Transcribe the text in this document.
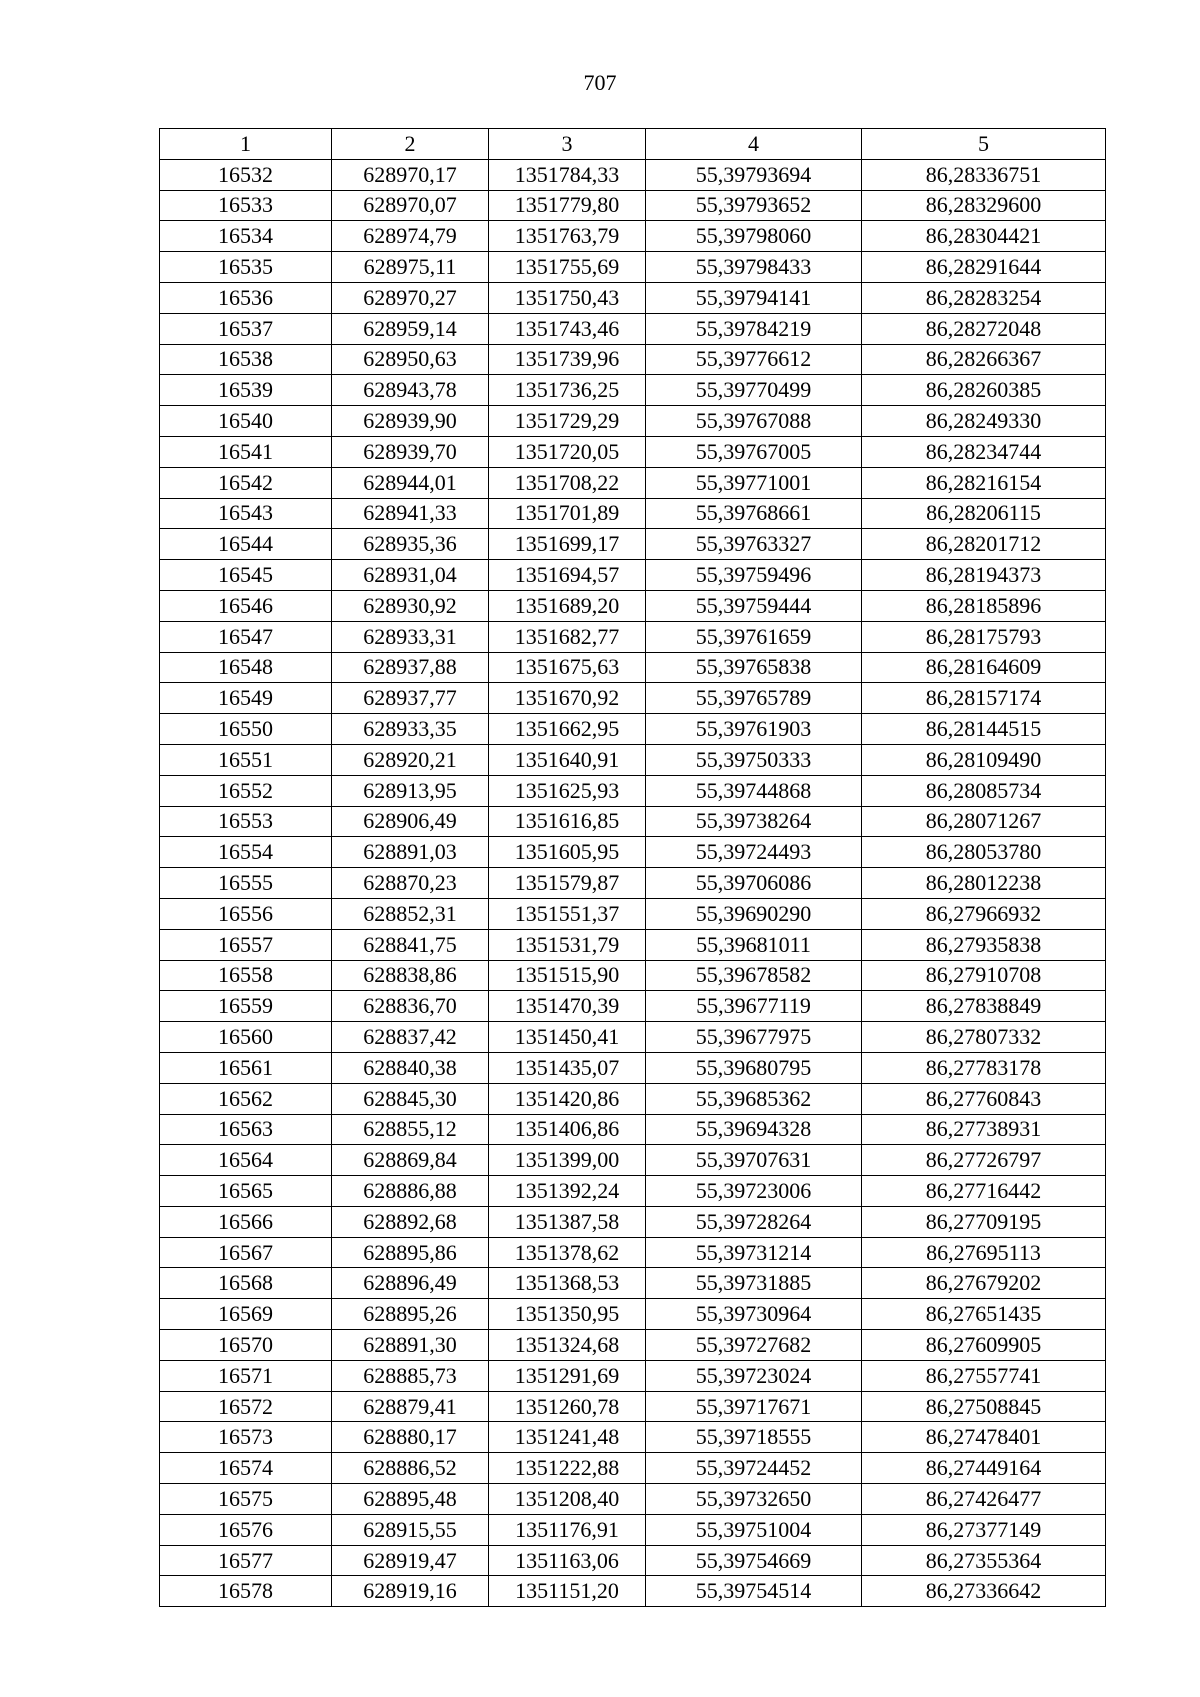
707
1	2	3	4	5
16532	628970,17	1351784,33	55,39793694	86,28336751
16533	628970,07	1351779,80	55,39793652	86,28329600
16534	628974,79	1351763,79	55,39798060	86,28304421
16535	628975,11	1351755,69	55,39798433	86,28291644
16536	628970,27	1351750,43	55,39794141	86,28283254
16537	628959,14	1351743,46	55,39784219	86,28272048
16538	628950,63	1351739,96	55,39776612	86,28266367
16539	628943,78	1351736,25	55,39770499	86,28260385
16540	628939,90	1351729,29	55,39767088	86,28249330
16541	628939,70	1351720,05	55,39767005	86,28234744
16542	628944,01	1351708,22	55,39771001	86,28216154
16543	628941,33	1351701,89	55,39768661	86,28206115
16544	628935,36	1351699,17	55,39763327	86,28201712
16545	628931,04	1351694,57	55,39759496	86,28194373
16546	628930,92	1351689,20	55,39759444	86,28185896
16547	628933,31	1351682,77	55,39761659	86,28175793
16548	628937,88	1351675,63	55,39765838	86,28164609
16549	628937,77	1351670,92	55,39765789	86,28157174
16550	628933,35	1351662,95	55,39761903	86,28144515
16551	628920,21	1351640,91	55,39750333	86,28109490
16552	628913,95	1351625,93	55,39744868	86,28085734
16553	628906,49	1351616,85	55,39738264	86,28071267
16554	628891,03	1351605,95	55,39724493	86,28053780
16555	628870,23	1351579,87	55,39706086	86,28012238
16556	628852,31	1351551,37	55,39690290	86,27966932
16557	628841,75	1351531,79	55,39681011	86,27935838
16558	628838,86	1351515,90	55,39678582	86,27910708
16559	628836,70	1351470,39	55,39677119	86,27838849
16560	628837,42	1351450,41	55,39677975	86,27807332
16561	628840,38	1351435,07	55,39680795	86,27783178
16562	628845,30	1351420,86	55,39685362	86,27760843
16563	628855,12	1351406,86	55,39694328	86,27738931
16564	628869,84	1351399,00	55,39707631	86,27726797
16565	628886,88	1351392,24	55,39723006	86,27716442
16566	628892,68	1351387,58	55,39728264	86,27709195
16567	628895,86	1351378,62	55,39731214	86,27695113
16568	628896,49	1351368,53	55,39731885	86,27679202
16569	628895,26	1351350,95	55,39730964	86,27651435
16570	628891,30	1351324,68	55,39727682	86,27609905
16571	628885,73	1351291,69	55,39723024	86,27557741
16572	628879,41	1351260,78	55,39717671	86,27508845
16573	628880,17	1351241,48	55,39718555	86,27478401
16574	628886,52	1351222,88	55,39724452	86,27449164
16575	628895,48	1351208,40	55,39732650	86,27426477
16576	628915,55	1351176,91	55,39751004	86,27377149
16577	628919,47	1351163,06	55,39754669	86,27355364
16578	628919,16	1351151,20	55,39754514	86,27336642
